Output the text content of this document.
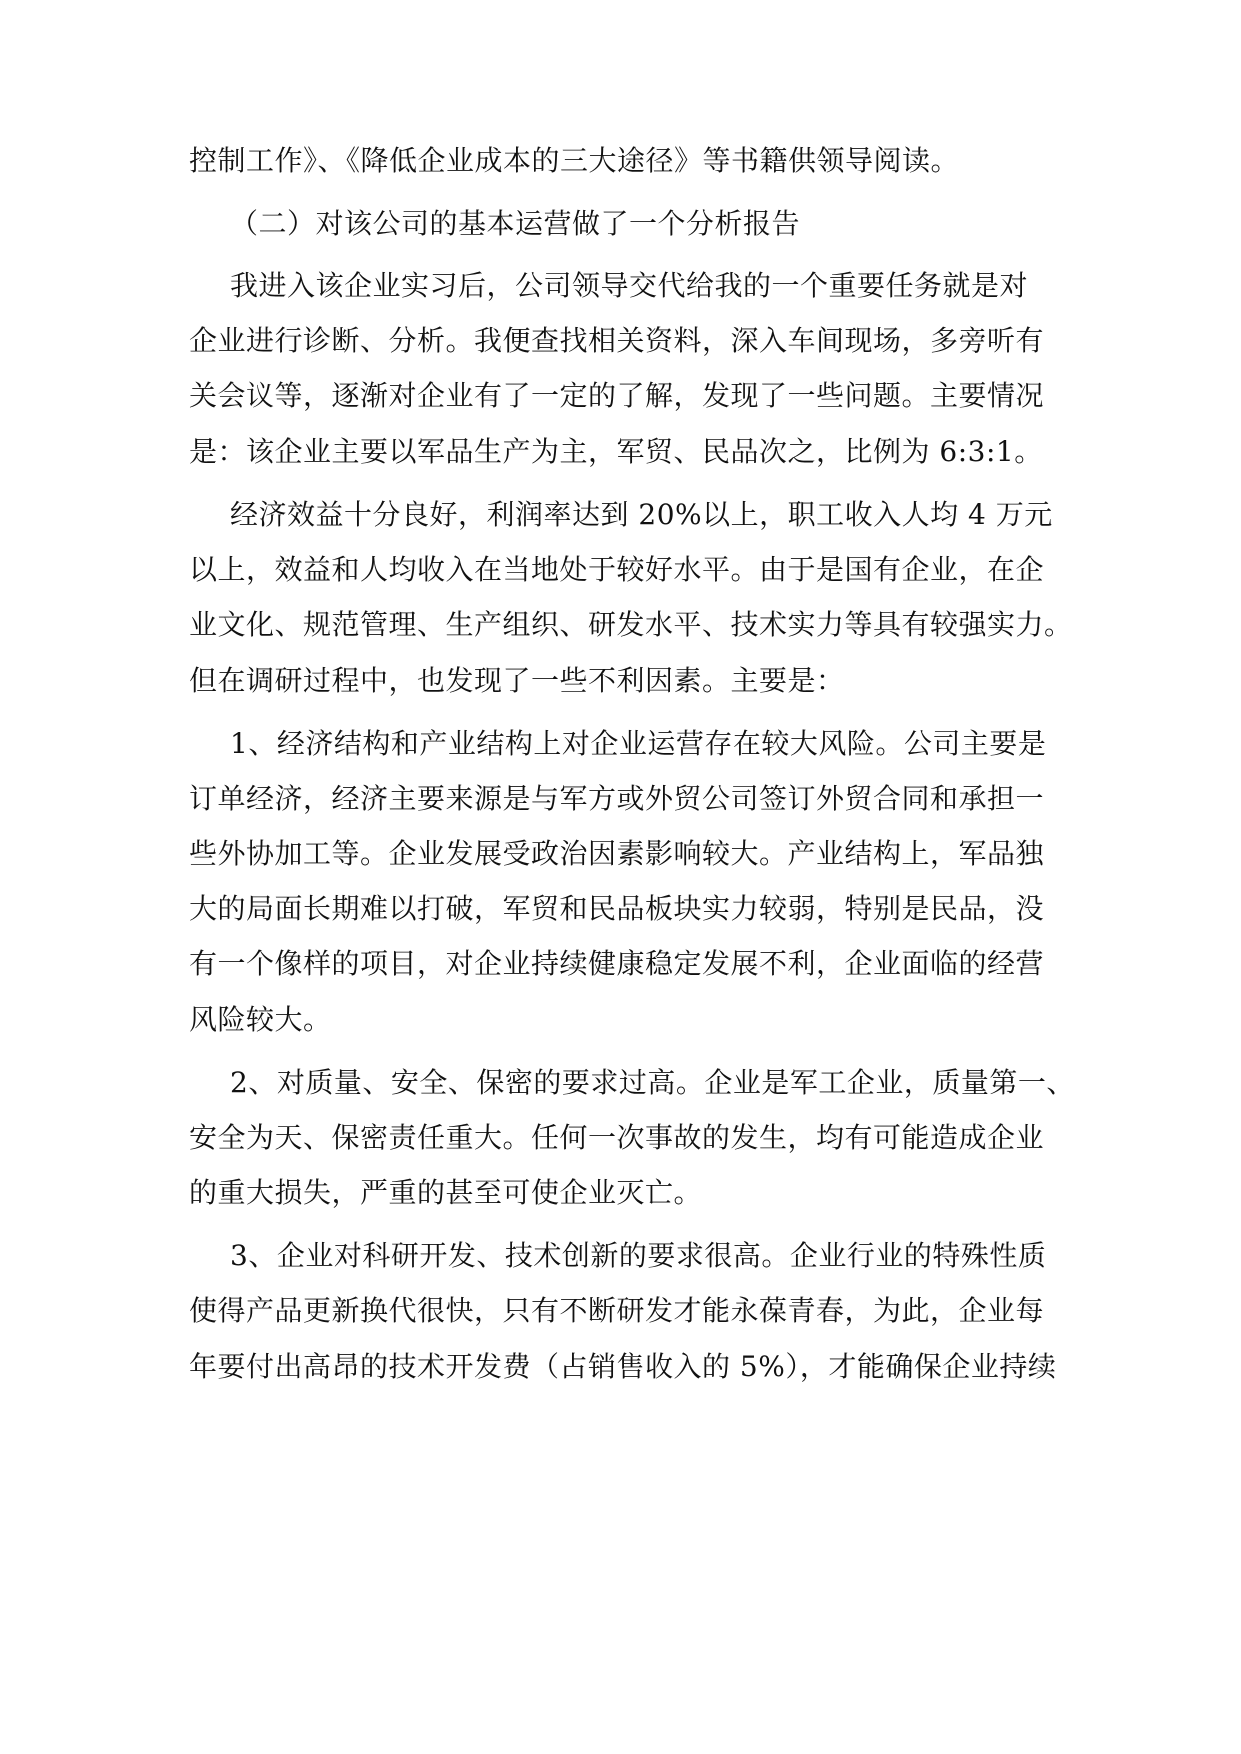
控制工作》、《降低企业成本的三大途径》等书籍供领导阅读。
（二）对该公司的基本运营做了一个分析报告
我进入该企业实习后，公司领导交代给我的一个重要任务就是对
企业进行诊断、分析。我便查找相关资料，深入车间现场，多旁听有
关会议等，逐渐对企业有了一定的了解，发现了一些问题。主要情况
是：该企业主要以军品生产为主，军贸、民品次之，比例为 6:3:1。
经济效益十分良好，利润率达到 20%以上，职工收入人均 4 万元
以上，效益和人均收入在当地处于较好水平。由于是国有企业，在企
业文化、规范管理、生产组织、研发水平、技术实力等具有较强实力。
但在调研过程中，也发现了一些不利因素。主要是：
1、经济结构和产业结构上对企业运营存在较大风险。公司主要是
订单经济，经济主要来源是与军方或外贸公司签订外贸合同和承担一
些外协加工等。企业发展受政治因素影响较大。产业结构上，军品独
大的局面长期难以打破，军贸和民品板块实力较弱，特别是民品，没
有一个像样的项目，对企业持续健康稳定发展不利，企业面临的经营
风险较大。
2、对质量、安全、保密的要求过高。企业是军工企业，质量第一、
安全为天、保密责任重大。任何一次事故的发生，均有可能造成企业
的重大损失，严重的甚至可使企业灭亡。
3、企业对科研开发、技术创新的要求很高。企业行业的特殊性质
使得产品更新换代很快，只有不断研发才能永葆青春，为此，企业每
年要付出高昂的技术开发费（占销售收入的 5%），才能确保企业持续
